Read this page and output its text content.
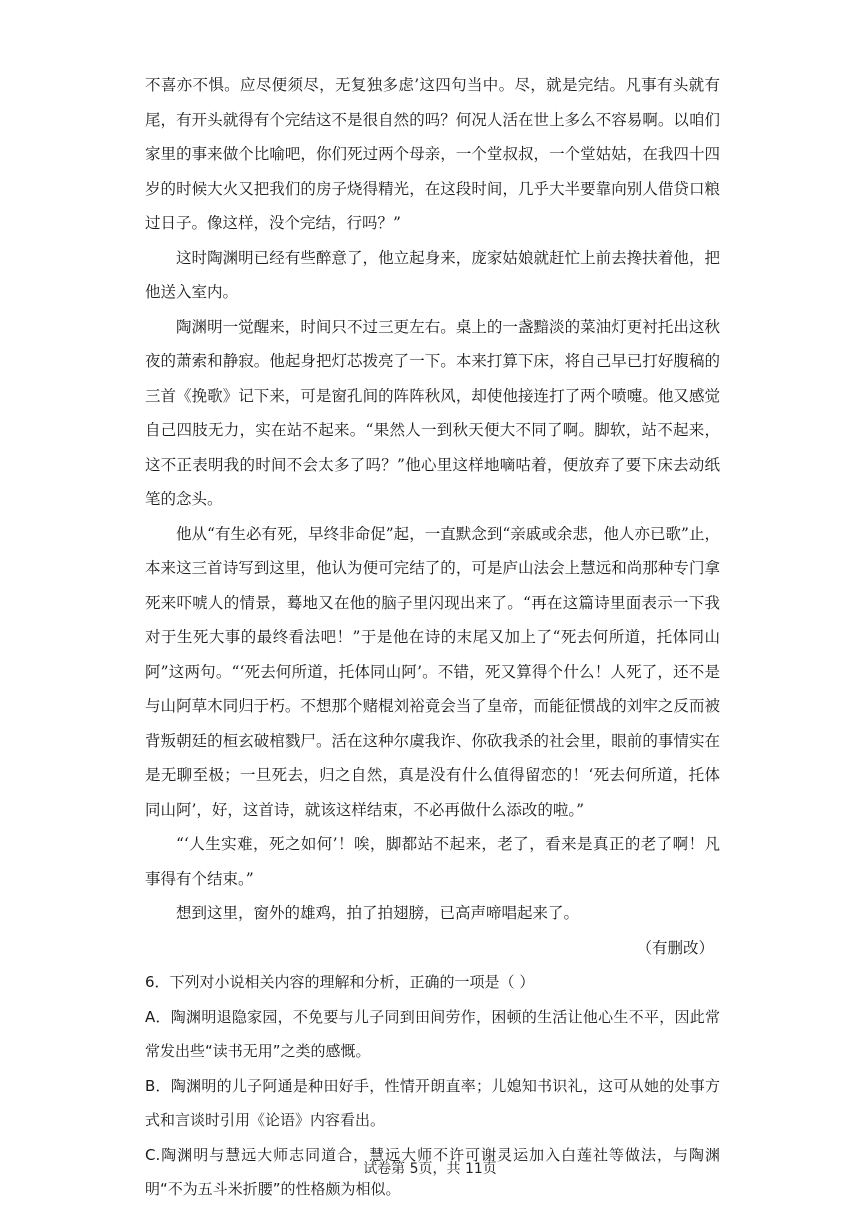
不喜亦不惧。应尽便须尽，无复独多虑’这四句当中。尽，就是完结。凡事有头就有尾，有开头就得有个完结这不是很自然的吗？何况人活在世上多么不容易啊。以咱们家里的事来做个比喻吧，你们死过两个母亲，一个堂叔叔，一个堂姑姑，在我四十四岁的时候大火又把我们的房子烧得精光，在这段时间，几乎大半要靠向别人借贷口粮过日子。像这样，没个完结，行吗？”

这时陶渊明已经有些醉意了，他立起身来，庞家姑娘就赶忙上前去搀扶着他，把他送入室内。

陶渊明一觉醒来，时间只不过三更左右。桌上的一盏黯淡的菜油灯更衬托出这秋夜的萧索和静寂。他起身把灯芯拨亮了一下。本来打算下床，将自己早已打好腹稿的三首《挽歌》记下来，可是窗孔间的阵阵秋风，却使他接连打了两个喷嚏。他又感觉自己四肢无力，实在站不起来。“果然人一到秋天便大不同了啊。脚软，站不起来，这不正表明我的时间不会太多了吗？”他心里这样地嘀咕着，便放弃了要下床去动纸笔的念头。

他从“有生必有死，早终非命促”起，一直默念到“亲戚或余悲，他人亦已歌”止，本来这三首诗写到这里，他认为便可完结了的，可是庐山法会上慧远和尚那种专门拿死来吓唬人的情景，蓦地又在他的脑子里闪现出来了。“再在这篇诗里面表示一下我对于生死大事的最终看法吧！”于是他在诗的末尾又加上了“死去何所道，托体同山阿”这两句。“‘死去何所道，托体同山阿’。不错，死又算得个什么！人死了，还不是与山阿草木同归于朽。不想那个赌棍刘裕竟会当了皇帝，而能征惯战的刘牢之反而被背叛朝廷的桓玄破棺戮尸。活在这种尔虞我诈、你砍我杀的社会里，眼前的事情实在是无聊至极；一旦死去，归之自然，真是没有什么值得留恋的！‘死去何所道，托体同山阿’，好，这首诗，就该这样结束，不必再做什么添改的啦。”

“‘人生实难，死之如何’！唉，脚都站不起来，老了，看来是真正的老了啊！凡事得有个结束。”

想到这里，窗外的雄鸡，拍了拍翅膀，已高声啼唱起来了。

（有删改）

6．下列对小说相关内容的理解和分析，正确的一项是（ ）

A．陶渊明退隐家园，不免要与儿子同到田间劳作，困顿的生活让他心生不平，因此常常发出些“读书无用”之类的感慨。

B．陶渊明的儿子阿通是种田好手，性情开朗直率；儿媳知书识礼，这可从她的处事方式和言谈时引用《论语》内容看出。

C.陶渊明与慧远大师志同道合，慧远大师不许可谢灵运加入白莲社等做法，与陶渊明“不为五斗米折腰”的性格颇为相似。

试卷第 5页，共 11页
